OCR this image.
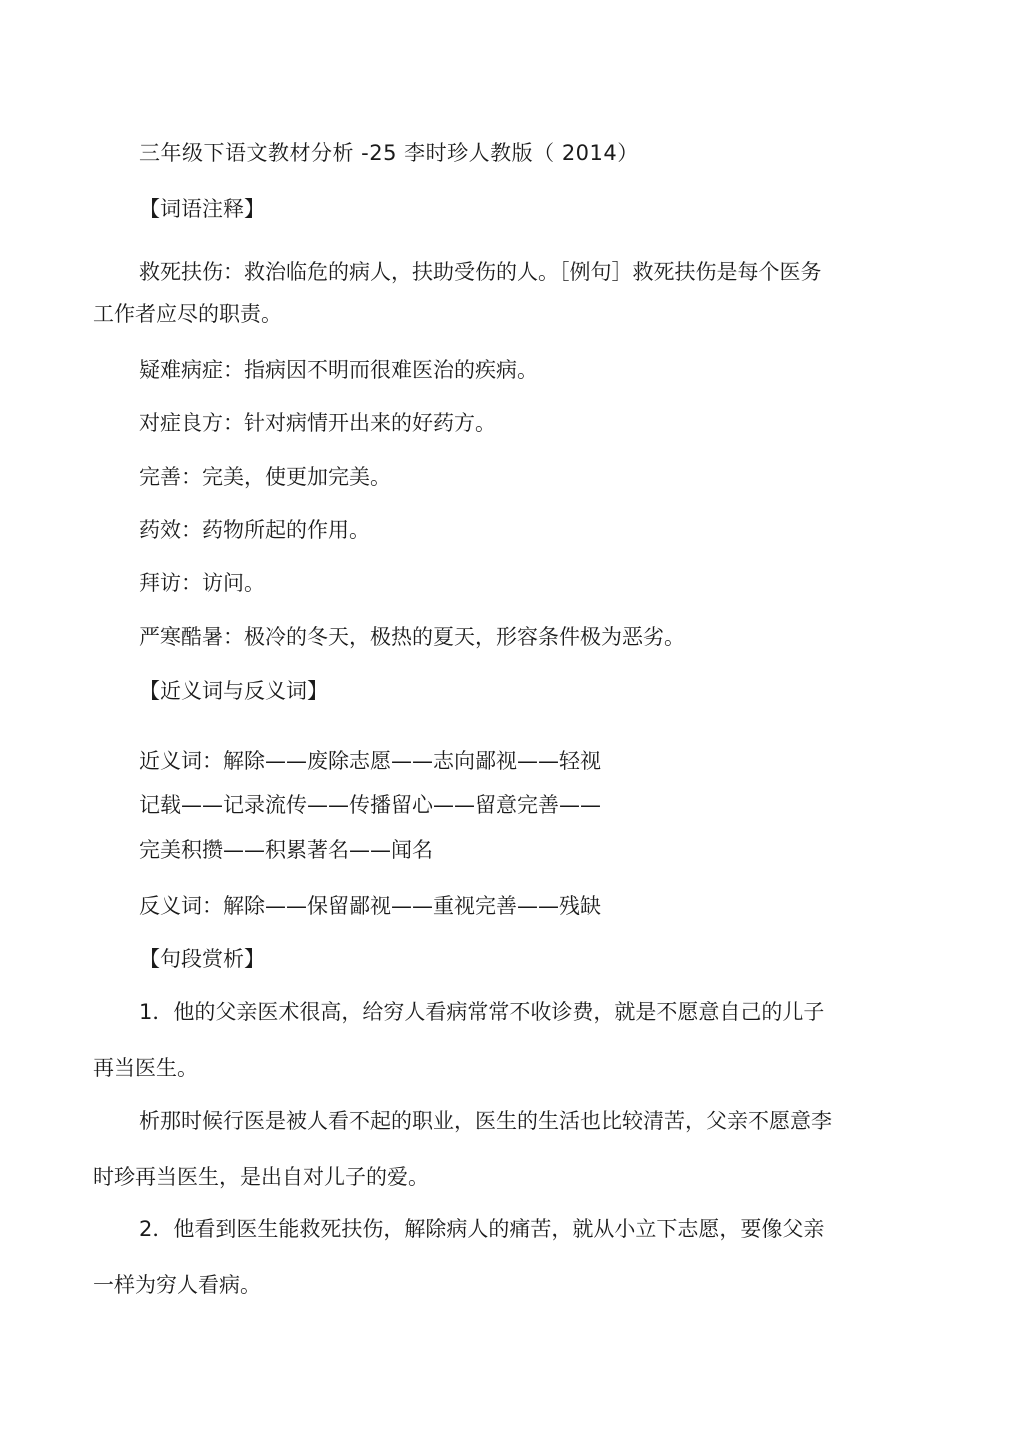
三年级下语文教材分析 -25 李时珍人教版（ 2014）
【词语注释】
救死扶伤：救治临危的病人，扶助受伤的人。［例句］救死扶伤是每个医务
工作者应尽的职责。
疑难病症：指病因不明而很难医治的疾病。
对症良方：针对病情开出来的好药方。
完善：完美，使更加完美。
药效：药物所起的作用。
拜访：访问。
严寒酷暑：极冷的冬天，极热的夏天，形容条件极为恶劣。
【近义词与反义词】
近义词：解除——废除志愿——志向鄙视——轻视
记载——记录流传——传播留心——留意完善——
完美积攒——积累著名——闻名
反义词：解除——保留鄙视——重视完善——残缺
【句段赏析】
1．他的父亲医术很高，给穷人看病常常不收诊费，就是不愿意自己的儿子
再当医生。
析那时候行医是被人看不起的职业，医生的生活也比较清苦，父亲不愿意李
时珍再当医生，是出自对儿子的爱。
2．他看到医生能救死扶伤，解除病人的痛苦，就从小立下志愿，要像父亲
一样为穷人看病。
